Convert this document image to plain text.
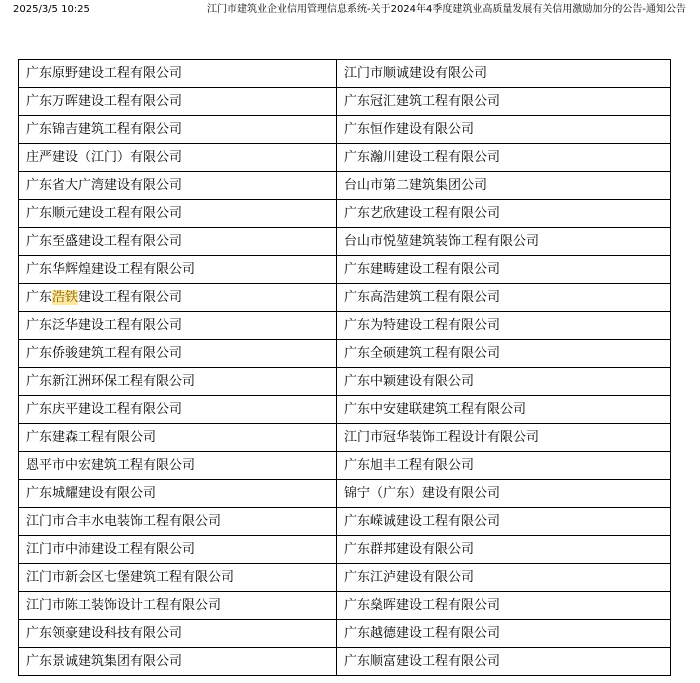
2025/3/5 10:25	江门市建筑业企业信用管理信息系统-关于2024年4季度建筑业高质量发展有关信用激励加分的公告-通知公告
广东原野建设工程有限公司	江门市顺诚建设有限公司
广东万晖建设工程有限公司	广东冠汇建筑工程有限公司
广东锦吉建筑工程有限公司	广东恒作建设有限公司
庄严建设（江门）有限公司	广东瀚川建设工程有限公司
广东省大广湾建设有限公司	台山市第二建筑集团公司
广东顺元建设工程有限公司	广东艺欣建设工程有限公司
广东至盛建设工程有限公司	台山市悦堃建筑装饰工程有限公司
广东华辉煌建设工程有限公司	广东建畴建设工程有限公司
广东浩铁建设工程有限公司	广东高浩建筑工程有限公司
广东泛华建设工程有限公司	广东为特建设工程有限公司
广东侨骏建筑工程有限公司	广东全硕建筑工程有限公司
广东新江洲环保工程有限公司	广东中颖建设有限公司
广东庆平建设工程有限公司	广东中安建联建筑工程有限公司
广东建森工程有限公司	江门市冠华装饰工程设计有限公司
恩平市中宏建筑工程有限公司	广东旭丰工程有限公司
广东城耀建设有限公司	锦宁（广东）建设有限公司
江门市合丰水电装饰工程有限公司	广东嵘诚建设工程有限公司
江门市中沛建设工程有限公司	广东群邦建设有限公司
江门市新会区七堡建筑工程有限公司	广东江泸建设有限公司
江门市陈工装饰设计工程有限公司	广东燊晖建设工程有限公司
广东领豪建设科技有限公司	广东越德建设工程有限公司
广东景诚建筑集团有限公司	广东顺富建设工程有限公司
